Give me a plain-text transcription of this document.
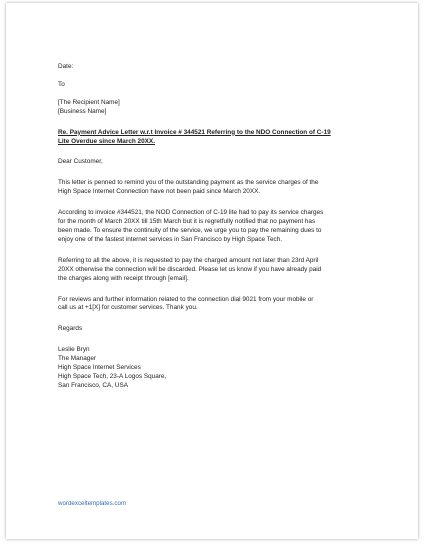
Date:
To
[The Recipient Name]
[Business Name]
Re. Payment Advice Letter w.r.t Invoice # 344521 Referring to the NDO Connection of C-19
Lite Overdue since March 20XX.
Dear Customer,
This letter is penned to remind you of the outstanding payment as the service charges of the
High Space Internet Connection have not been paid since March 20XX.
According to invoice #344521, the NOD Connection of C-19 lite had to pay its service charges
for the month of March 20XX till 15th March but it is regretfully notified that no payment has
been made. To ensure the continuity of the service, we urge you to pay the remaining dues to
enjoy one of the fastest internet services in San Francisco by High Space Tech.
Referring to all the above, it is requested to pay the charged amount not later than 23rd April
20XX otherwise the connection will be discarded. Please let us know if you have already paid
the charges along with receipt through [email].
For reviews and further information related to the connection dial 9021 from your mobile or
call us at +1[X] for customer services. Thank you.
Regards
Leslie Bryn
The Manager
High Space Internet Services
High Space Tech, 23-A Logos Square,
San Francisco, CA, USA
wordexceltemplates.com
